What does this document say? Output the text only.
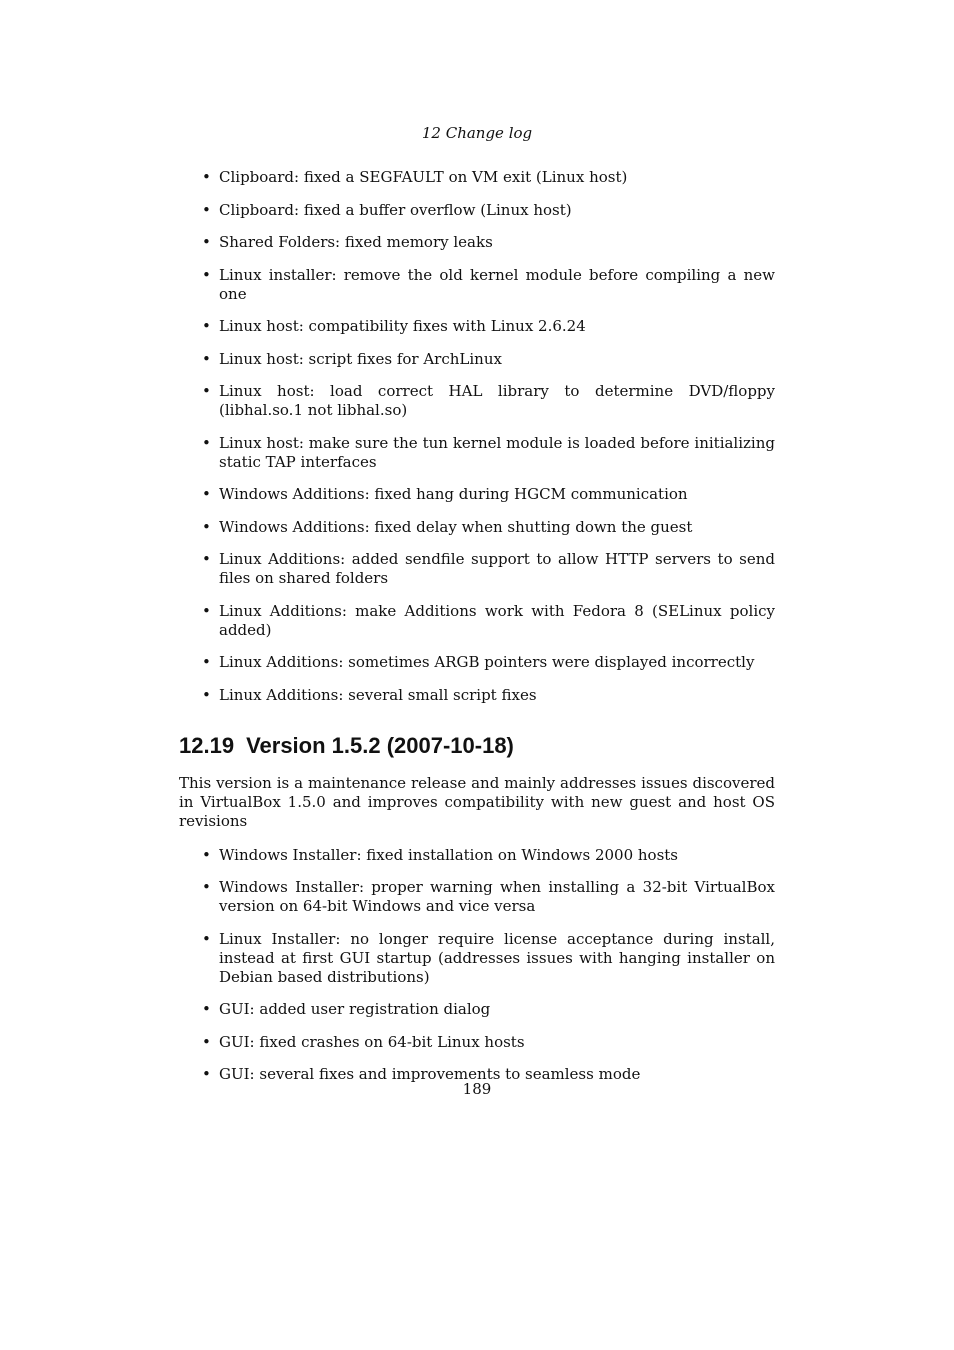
12 Change log
• Clipboard: fixed a SEGFAULT on VM exit (Linux host)
• Clipboard: fixed a buffer overflow (Linux host)
• Shared Folders: fixed memory leaks
• Linux installer: remove the old kernel module before compiling a new one
• Linux host: compatibility fixes with Linux 2.6.24
• Linux host: script fixes for ArchLinux
• Linux host: load correct HAL library to determine DVD/floppy (libhal.so.1 not libhal.so)
• Linux host: make sure the tun kernel module is loaded before initializing static TAP interfaces
• Windows Additions: fixed hang during HGCM communication
• Windows Additions: fixed delay when shutting down the guest
• Linux Additions: added sendfile support to allow HTTP servers to send files on shared folders
• Linux Additions: make Additions work with Fedora 8 (SELinux policy added)
• Linux Additions: sometimes ARGB pointers were displayed incorrectly
• Linux Additions: several small script fixes
12.19 Version 1.5.2 (2007-10-18)

This version is a maintenance release and mainly addresses issues discovered in VirtualBox 1.5.0 and improves compatibility with new guest and host OS revisions

• Windows Installer: fixed installation on Windows 2000 hosts
• Windows Installer: proper warning when installing a 32-bit VirtualBox version on 64-bit Windows and vice versa
• Linux Installer: no longer require license acceptance during install, instead at first GUI startup (addresses issues with hanging installer on Debian based distributions)
• GUI: added user registration dialog
• GUI: fixed crashes on 64-bit Linux hosts
• GUI: several fixes and improvements to seamless mode
189
